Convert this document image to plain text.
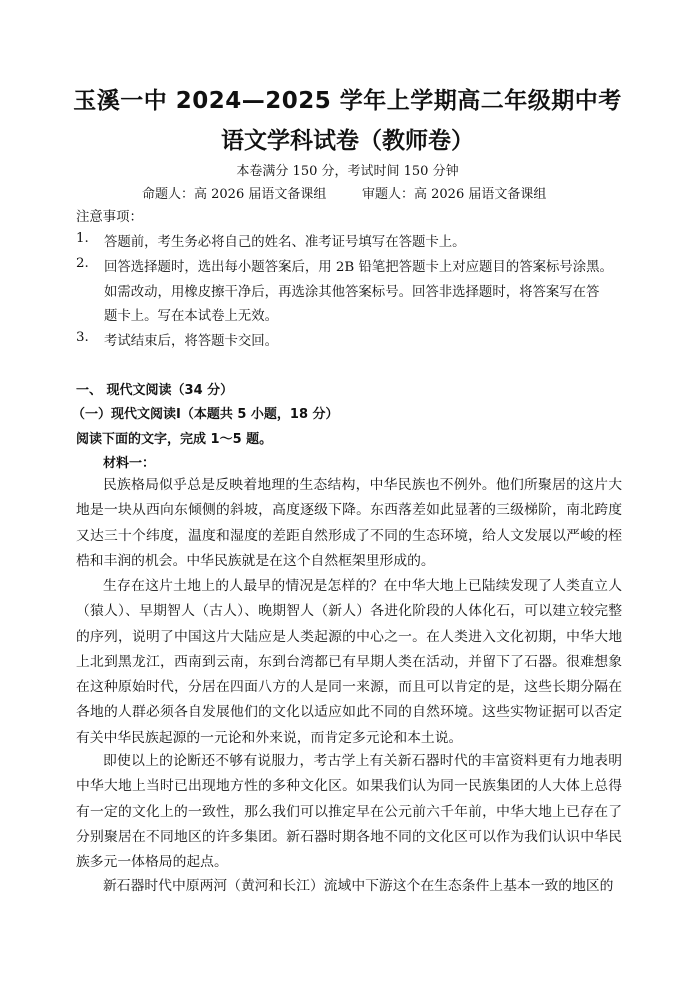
玉溪一中 2024—2025 学年上学期高二年级期中考
语文学科试卷（教师卷）
本卷满分 150 分，考试时间 150 分钟
命题人：高 2026 届语文备课组	审题人：高 2026 届语文备课组
注意事项：
1. 答题前，考生务必将自己的姓名、准考证号填写在答题卡上。
2. 回答选择题时，选出每小题答案后，用 2B 铅笔把答题卡上对应题目的答案标号涂黑。
如需改动，用橡皮擦干净后，再选涂其他答案标号。回答非选择题时，将答案写在答
题卡上。写在本试卷上无效。
3. 考试结束后，将答题卡交回。
一、 现代文阅读（34 分）
（一）现代文阅读Ⅰ（本题共 5 小题，18 分）
阅读下面的文字，完成 1～5 题。
材料一：

民族格局似乎总是反映着地理的生态结构，中华民族也不例外。他们所聚居的这片大地是一块从西向东倾侧的斜坡，高度逐级下降。东西落差如此显著的三级梯阶，南北跨度又达三十个纬度，温度和湿度的差距自然形成了不同的生态环境，给人文发展以严峻的桎梏和丰润的机会。中华民族就是在这个自然框架里形成的。

生存在这片土地上的人最早的情况是怎样的？在中华大地上已陆续发现了人类直立人（猿人）、早期智人（古人）、晚期智人（新人）各进化阶段的人体化石，可以建立较完整的序列，说明了中国这片大陆应是人类起源的中心之一。在人类进入文化初期，中华大地上北到黑龙江，西南到云南，东到台湾都已有早期人类在活动，并留下了石器。很难想象在这种原始时代，分居在四面八方的人是同一来源，而且可以肯定的是，这些长期分隔在各地的人群必须各自发展他们的文化以适应如此不同的自然环境。这些实物证据可以否定有关中华民族起源的一元论和外来说，而肯定多元论和本土说。

即使以上的论断还不够有说服力，考古学上有关新石器时代的丰富资料更有力地表明中华大地上当时已出现地方性的多种文化区。如果我们认为同一民族集团的人大体上总得有一定的文化上的一致性，那么我们可以推定早在公元前六千年前，中华大地上已存在了分别聚居在不同地区的许多集团。新石器时期各地不同的文化区可以作为我们认识中华民族多元一体格局的起点。

新石器时代中原两河（黄河和长江）流域中下游这个在生态条件上基本一致的地区的
